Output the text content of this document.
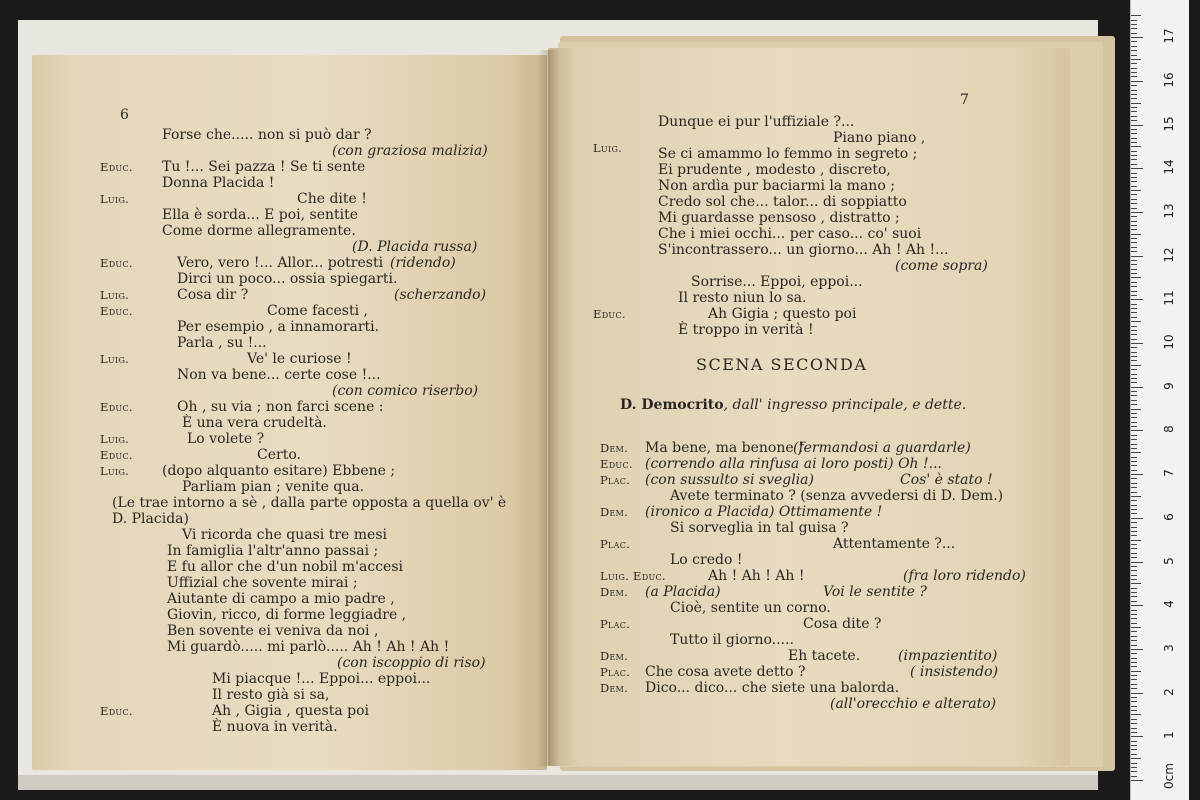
6
Forse che..... non si può dar ?
(con graziosa malizia)
Educ. Tu !... Sei pazza ! Se ti sente
Donna Placida !
Luig.	Che dite !
Ella è sorda... E poi, sentite
Come dorme allegramente.
(D. Placida russa)
Educ.	Vero, vero !... Allor... potresti (ridendo)
Dirci un poco... ossia spiegarti.
Luig.	Cosa dir ?	(scherzando)
Educ.	Come facesti ,
Per esempio , a innamorarti.
Parla , su !...
Luig.	Ve' le curiose !
Non va bene... certe cose !...
(con comico riserbo)
Educ.	Oh , su via ; non farci scene :
È una vera crudeltà.
Luig.	Lo volete ?
Educ.	Certo.
Luig. (dopo alquanto esitare) Ebbene ;
Parliam pian ; venite qua.
(Le trae intorno a sè , dalla parte opposta a quella ov' è
D. Placida)
Vi ricorda che quasi tre mesi
In famiglia l'altr'anno passai ;
E fu allor che d'un nobil m'accesi
Uffizial che sovente mirai ;
Aiutante di campo a mio padre ,
Giovin, ricco, di forme leggiadre ,
Ben sovente ei veniva da noi ,
Mi guardò..... mi parlò..... Ah ! Ah ! Ah !
(con iscoppio di riso)
Mi piacque !... Eppoi... eppoi...
Il resto già si sa,
Educ.	Ah , Gigia , questa poi
È nuova in verità.
7
SCENA SECONDA
D. Democrito, dall' ingresso principale, e dette.
Dunque ei pur l'uffiziale ?...
Piano piano ,
Luig.	Se ci amammo lo femmo in segreto ;
Ei prudente , modesto , discreto,
Non ardìa pur baciarmi la mano ;
Credo sol che... talor... di soppiatto
Mi guardasse pensoso , distratto ;
Che i miei occhi... per caso... co' suoi
S'incontrassero... un giorno... Ah ! Ah !...
(come sopra)
Sorrise... Eppoi, eppoi...
Il resto niun lo sa.
Educ.	Ah Gigia ; questo poi
È troppo in verità !
Dem. Ma bene, ma benone !
(fermandosi a guardarle)
Educ. (correndo alla rinfusa ai loro posti) Oh !...
Plac. (con sussulto si sveglia)	Cos' è stato !
Avete terminato ? (senza avvedersi di D. Dem.)
Dem. (ironico a Placida) Ottimamente !
Si sorveglia in tal guisa ?
Plac.	Attentamente ?...
Lo credo !
Luig. Educ.	Ah ! Ah ! Ah !	(fra loro ridendo)
Dem. (a Placida)	Voi le sentite ?
Cioè, sentite un corno.
Plac.	Cosa dite ?
Tutto il giorno.....
Dem.	Eh tacete.	(impazientito)
Plac. Che cosa avete detto ?	( insistendo)
Dem. Dico... dico... che siete una balorda.
(all'orecchio e alterato)
0cm
1
2
3
4
5
6
7
8
9
10
11
12
13
14
15
16
17
